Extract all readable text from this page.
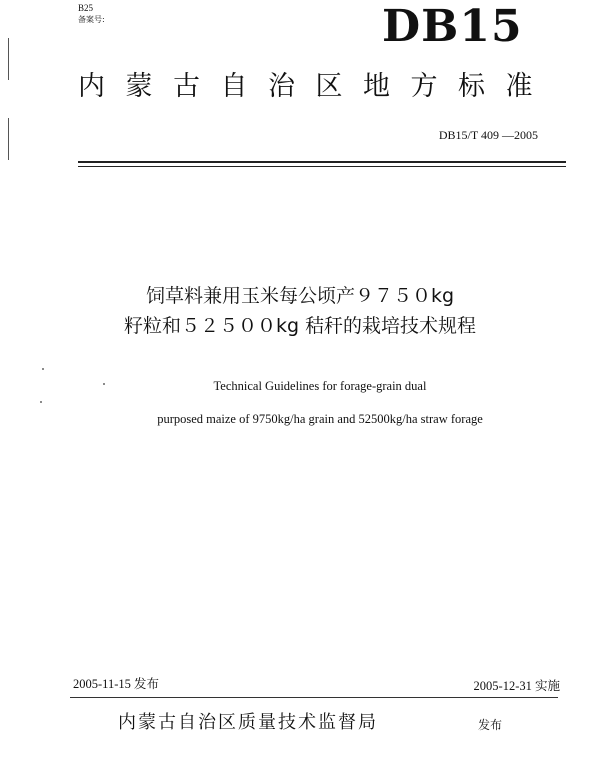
B25
备案号:	DB15
内蒙古自治区地方标准
DB15/T 409 —2005
饲草料兼用玉米每公顷产９７５０kg
籽粒和５２５００kg 秸秆的栽培技术规程
Technical Guidelines for forage-grain dual
purposed maize of 9750kg/ha grain and 52500kg/ha straw forage
2005-11-15 发布	2005-12-31 实施
内蒙古自治区质量技术监督局	发布
